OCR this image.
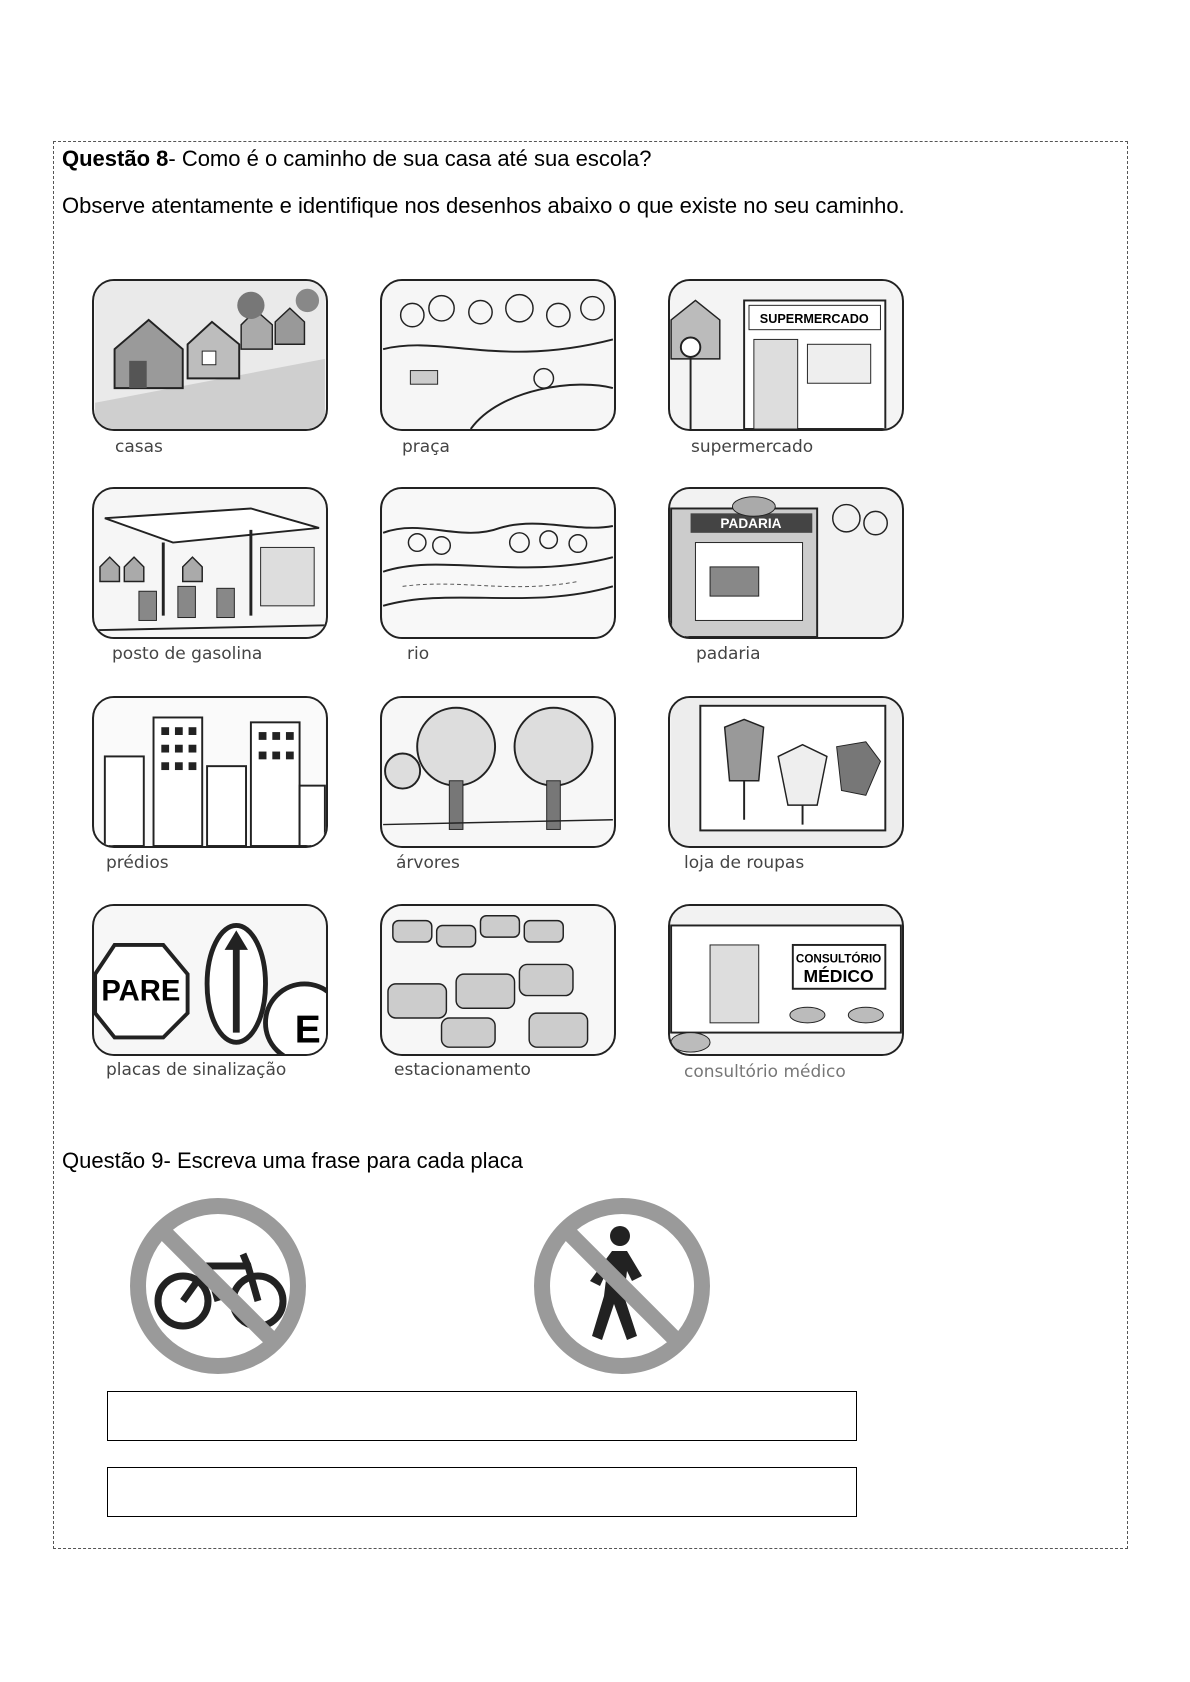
Questão 8- Como é o caminho de sua casa até sua escola?
Observe atentamente e identifique nos desenhos abaixo o que existe no seu caminho.
casas	praça
SUPERMERCADO
supermercado
posto de gasolina	rio
PADARIA
padaria
prédios	árvores	loja de roupas
PARE
E
placas de sinalização	estacionamento
CONSULTÓRIO
MÉDICO
consultório médico
Questão 9- Escreva uma frase para cada placa
